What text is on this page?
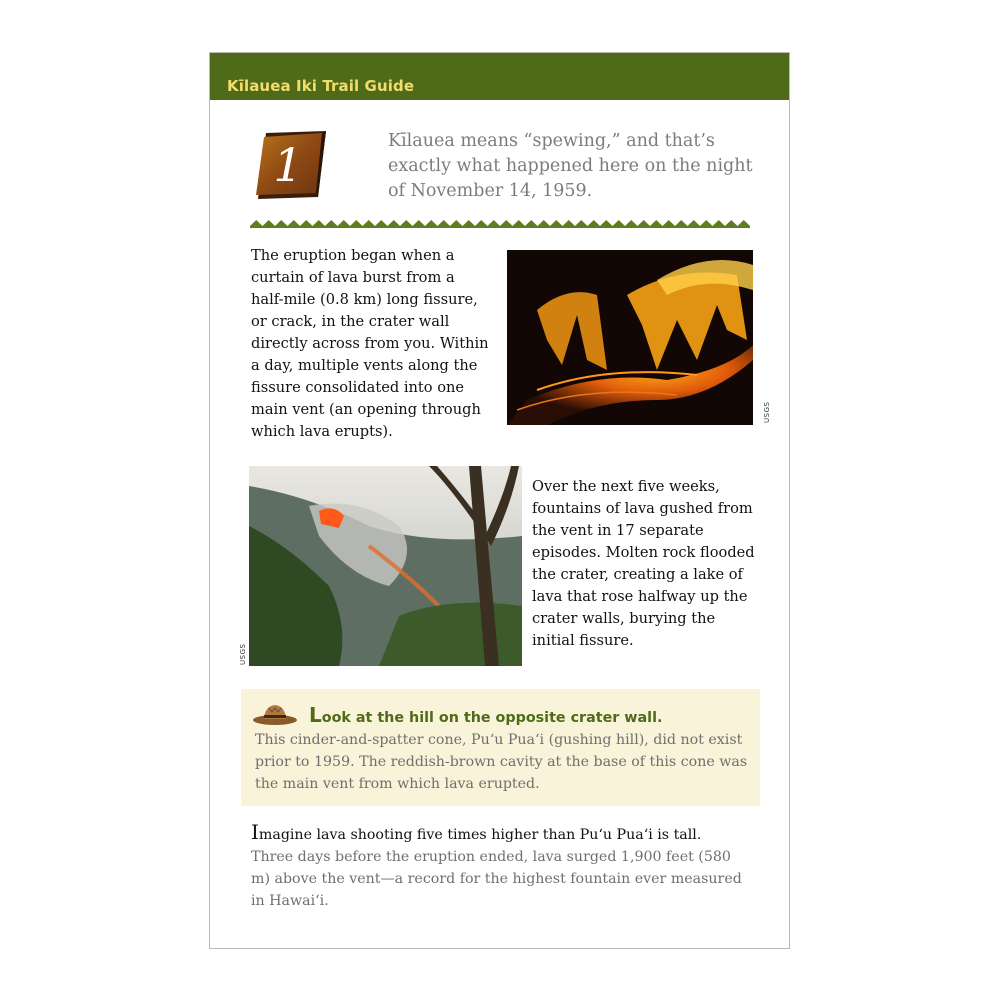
Kīlauea Iki Trail Guide
1	Kīlauea means “spewing,” and that’s exactly what happened here on the night of November 14, 1959.
The eruption began when a curtain of lava burst from a half-mile (0.8 km) long fissure, or crack, in the crater wall directly across from you. Within a day, multiple vents along the fissure consolidated into one main vent (an opening through which lava erupts).
USGS
USGS
Over the next five weeks, fountains of lava gushed from the vent in 17 separate episodes. Molten rock flooded the crater, creating a lake of lava that rose halfway up the crater walls, burying the initial fissure.
Look at the hill on the opposite crater wall.
This cinder-and-spatter cone, Pu‘u Pua‘i (gushing hill), did not exist prior to 1959. The reddish-brown cavity at the base of this cone was the main vent from which lava erupted.
Imagine lava shooting five times higher than Pu‘u Pua‘i is tall.
Three days before the eruption ended, lava surged 1,900 feet (580 m) above the vent—a record for the highest fountain ever measured in Hawai‘i.
